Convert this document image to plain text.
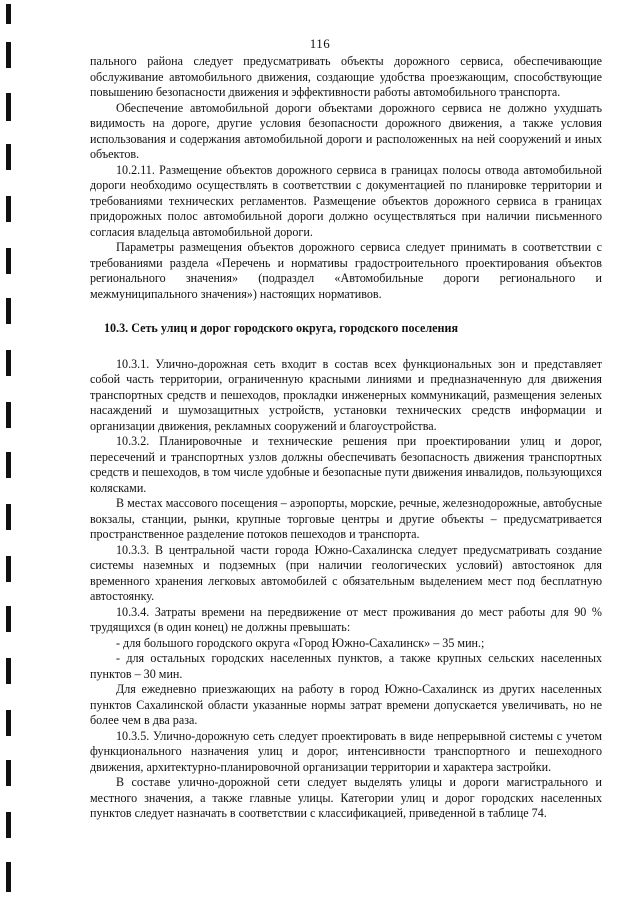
116

пального района следует предусматривать объекты дорожного сервиса, обеспечивающие обслуживание автомобильного движения, создающие удобства проезжающим, способствующие повышению безопасности движения и эффективности работы автомобильного транспорта.

Обеспечение автомобильной дороги объектами дорожного сервиса не должно ухудшать видимость на дороге, другие условия безопасности дорожного движения, а также условия использования и содержания автомобильной дороги и расположенных на ней сооружений и иных объектов.

10.2.11. Размещение объектов дорожного сервиса в границах полосы отвода автомобильной дороги необходимо осуществлять в соответствии с документацией по планировке территории и требованиями технических регламентов. Размещение объектов дорожного сервиса в границах придорожных полос автомобильной дороги должно осуществляться при наличии письменного согласия владельца автомобильной дороги.

Параметры размещения объектов дорожного сервиса следует принимать в соответствии с требованиями раздела «Перечень и нормативы градостроительного проектирования объектов регионального значения» (подраздел «Автомобильные дороги регионального и межмуниципального значения») настоящих нормативов.

10.3. Сеть улиц и дорог городского округа, городского поселения

10.3.1. Улично-дорожная сеть входит в состав всех функциональных зон и представляет собой часть территории, ограниченную красными линиями и предназначенную для движения транспортных средств и пешеходов, прокладки инженерных коммуникаций, размещения зеленых насаждений и шумозащитных устройств, установки технических средств информации и организации движения, рекламных сооружений и благоустройства.

10.3.2. Планировочные и технические решения при проектировании улиц и дорог, пересечений и транспортных узлов должны обеспечивать безопасность движения транспортных средств и пешеходов, в том числе удобные и безопасные пути движения инвалидов, пользующихся колясками.

В местах массового посещения – аэропорты, морские, речные, железнодорожные, автобусные вокзалы, станции, рынки, крупные торговые центры и другие объекты – предусматривается пространственное разделение потоков пешеходов и транспорта.

10.3.3. В центральной части города Южно-Сахалинска следует предусматривать создание системы наземных и подземных (при наличии геологических условий) автостоянок для временного хранения легковых автомобилей с обязательным выделением мест под бесплатную автостоянку.

10.3.4. Затраты времени на передвижение от мест проживания до мест работы для 90 % трудящихся (в один конец) не должны превышать:

- для большого городского округа «Город Южно-Сахалинск» – 35 мин.;

- для остальных городских населенных пунктов, а также крупных сельских населенных пунктов – 30 мин.

Для ежедневно приезжающих на работу в город Южно-Сахалинск из других населенных пунктов Сахалинской области указанные нормы затрат времени допускается увеличивать, но не более чем в два раза.

10.3.5. Улично-дорожную сеть следует проектировать в виде непрерывной системы с учетом функционального назначения улиц и дорог, интенсивности транспортного и пешеходного движения, архитектурно-планировочной организации территории и характера застройки.

В составе улично-дорожной сети следует выделять улицы и дороги магистрального и местного значения, а также главные улицы. Категории улиц и дорог городских населенных пунктов следует назначать в соответствии с классификацией, приведенной в таблице 74.
